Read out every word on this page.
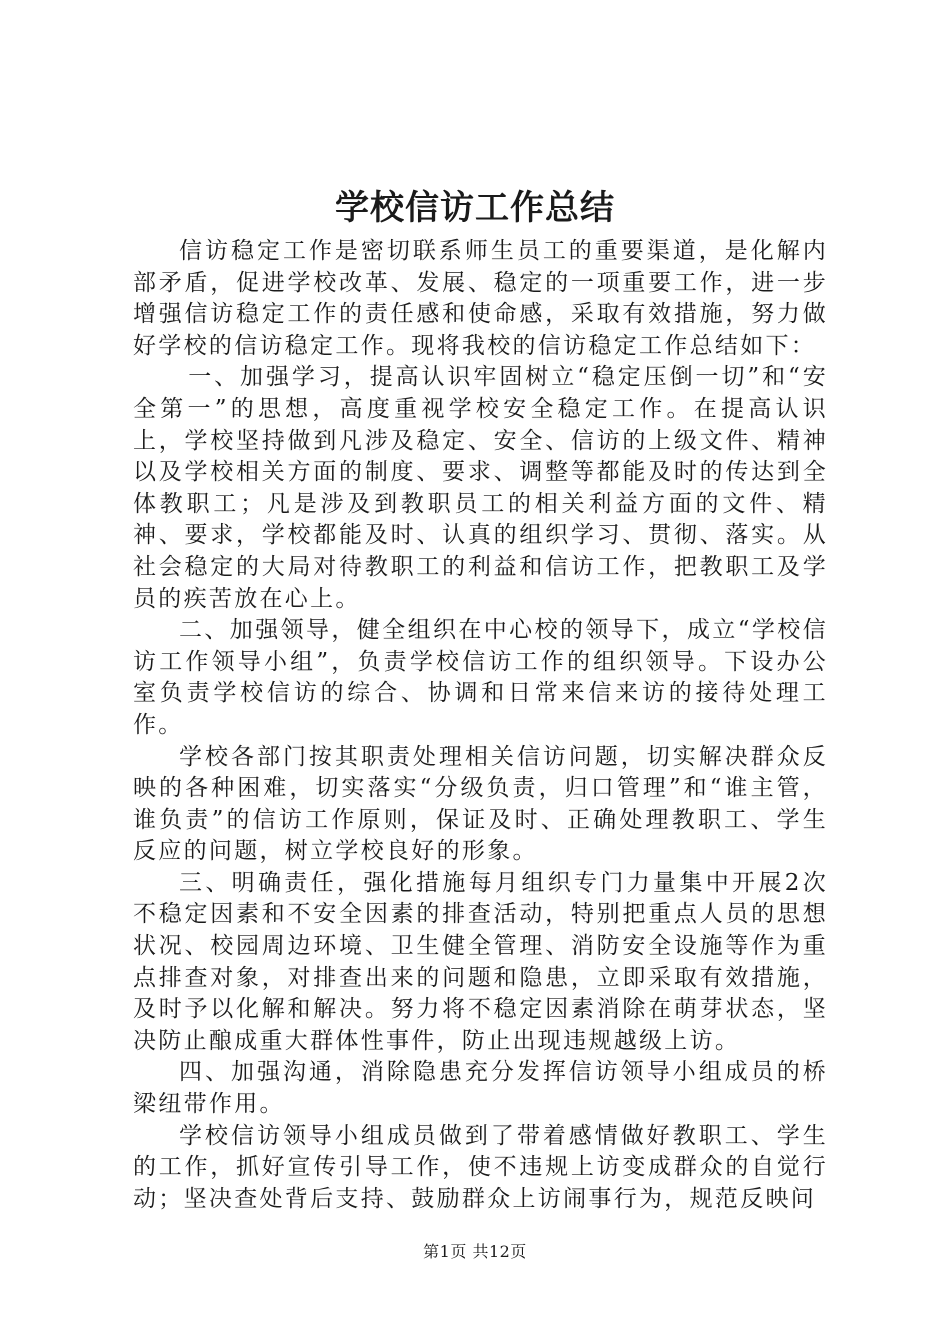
学校信访工作总结

信访稳定工作是密切联系师生员工的重要渠道，是化解内部矛盾，促进学校改革、发展、稳定的一项重要工作，进一步增强信访稳定工作的责任感和使命感，采取有效措施，努力做好学校的信访稳定工作。现将我校的信访稳定工作总结如下：

一、加强学习，提高认识牢固树立“稳定压倒一切”和“安全第一”的思想，高度重视学校安全稳定工作。在提高认识上，学校坚持做到凡涉及稳定、安全、信访的上级文件、精神以及学校相关方面的制度、要求、调整等都能及时的传达到全体教职工；凡是涉及到教职员工的相关利益方面的文件、精神、要求，学校都能及时、认真的组织学习、贯彻、落实。从社会稳定的大局对待教职工的利益和信访工作，把教职工及学员的疾苦放在心上。

二、加强领导，健全组织在中心校的领导下，成立“学校信访工作领导小组”，负责学校信访工作的组织领导。下设办公室负责学校信访的综合、协调和日常来信来访的接待处理工作。

学校各部门按其职责处理相关信访问题，切实解决群众反映的各种困难，切实落实“分级负责，归口管理”和“谁主管，谁负责”的信访工作原则，保证及时、正确处理教职工、学生反应的问题，树立学校良好的形象。

三、明确责任，强化措施每月组织专门力量集中开展2次不稳定因素和不安全因素的排查活动，特别把重点人员的思想状况、校园周边环境、卫生健全管理、消防安全设施等作为重点排查对象，对排查出来的问题和隐患，立即采取有效措施，及时予以化解和解决。努力将不稳定因素消除在萌芽状态，坚决防止酿成重大群体性事件，防止出现违规越级上访。

四、加强沟通，消除隐患充分发挥信访领导小组成员的桥梁纽带作用。

学校信访领导小组成员做到了带着感情做好教职工、学生的工作，抓好宣传引导工作，使不违规上访变成群众的自觉行动；坚决查处背后支持、鼓励群众上访闹事行为，规范反映问

第1页 共12页
